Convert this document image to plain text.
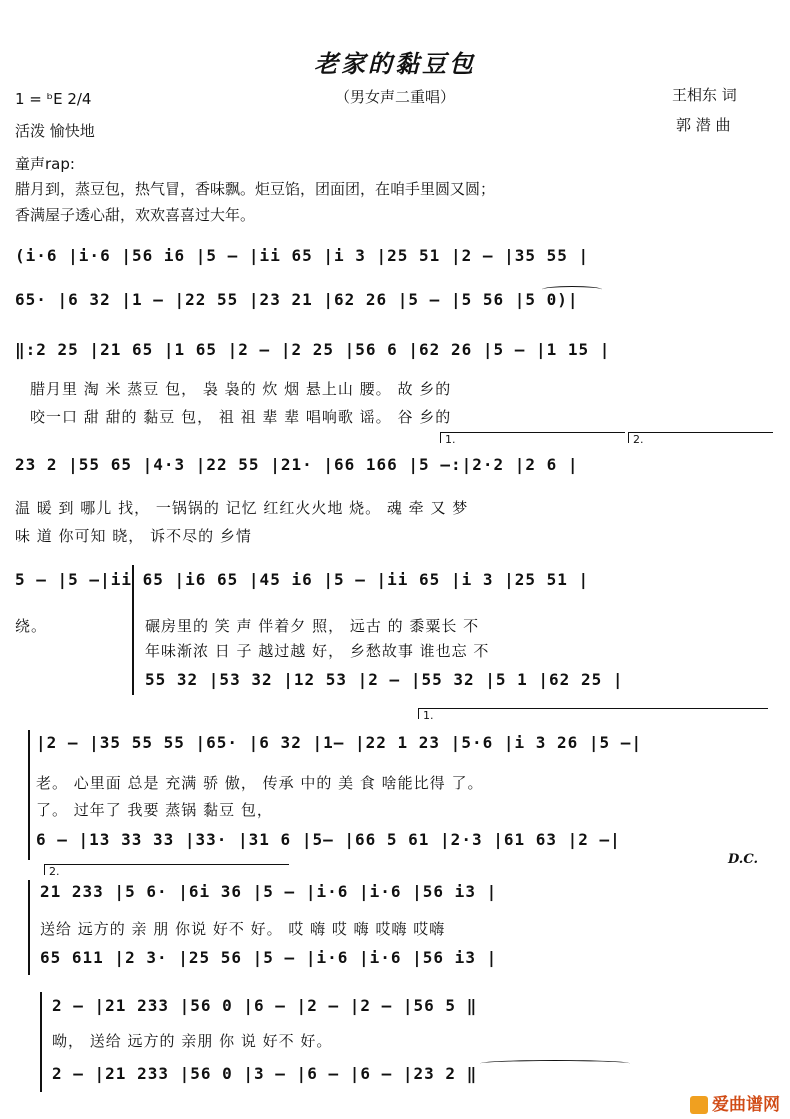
老家的黏豆包
（男女声二重唱）
1 = ᵇE 2/4
活泼 愉快地
王相东 词
郭 潜 曲
童声rap:
腊月到，蒸豆包，热气冒，香味飘。炬豆馅，团面团，在咱手里圆又圆；
香满屋子透心甜，欢欢喜喜过大年。
(i·6 |i·6 |56 i6 |5 — |ii 65 |i 3 |25 51 |2 — |35 55 |
65· |6 32 |1 — |22 55 |23 21 |62 26 |5 — |5 56 |5 0)|
‖:2 25 |21 65 |1 65 |2 — |2 25 |56 6 |62 26 |5 — |1 15 |
腊月里 淘 米 蒸豆 包， 袅 袅的 炊 烟 悬上山 腰。 故 乡的
咬一口 甜 甜的 黏豆 包， 祖 祖 辈 辈 唱响歌 谣。 谷 乡的
1.	2.
23 2 |55 65 |4·3 |22 55 |21· |66 166 |5 —:|2·2 |2 6 |
温 暖 到 哪儿 找， 一锅锅的 记忆 红红火火地 烧。 魂 牵 又 梦
味 道 你可知 晓， 诉不尽的 乡情
5 — |5 —|ii 65 |i6 65 |45 i6 |5 — |ii 65 |i 3 |25 51 |
绕。	碾房里的 笑 声 伴着夕 照， 远古 的 黍粟长 不
年味渐浓 日 子 越过越 好， 乡愁故事 谁也忘 不
55 32 |53 32 |12 53 |2 — |55 32 |5 1 |62 25 |
1.
|2 — |35 55 55 |65· |6 32 |1— |22 1 23 |5·6 |i 3 26 |5 —|
老。 心里面 总是 充满 骄 傲， 传承 中的 美 食 啥能比得 了。
了。 过年了 我要 蒸锅 黏豆 包，
6 — |13 33 33 |33· |31 6 |5— |66 5 61 |2·3 |61 63 |2 —|
D.C.
2.
21 233 |5 6· |6i 36 |5 — |i·6 |i·6 |56 i3 |
送给 远方的 亲 朋 你说 好不 好。 哎 嗨 哎 嗨 哎嗨 哎嗨
65 611 |2 3· |25 56 |5 — |i·6 |i·6 |56 i3 |
2 — |21 233 |56 0 |6 — |2 — |2 — |56 5 ‖
呦， 送给 远方的 亲朋 你 说 好不 好。
2 — |21 233 |56 0 |3 — |6 — |6 — |23 2 ‖
爱曲谱网
